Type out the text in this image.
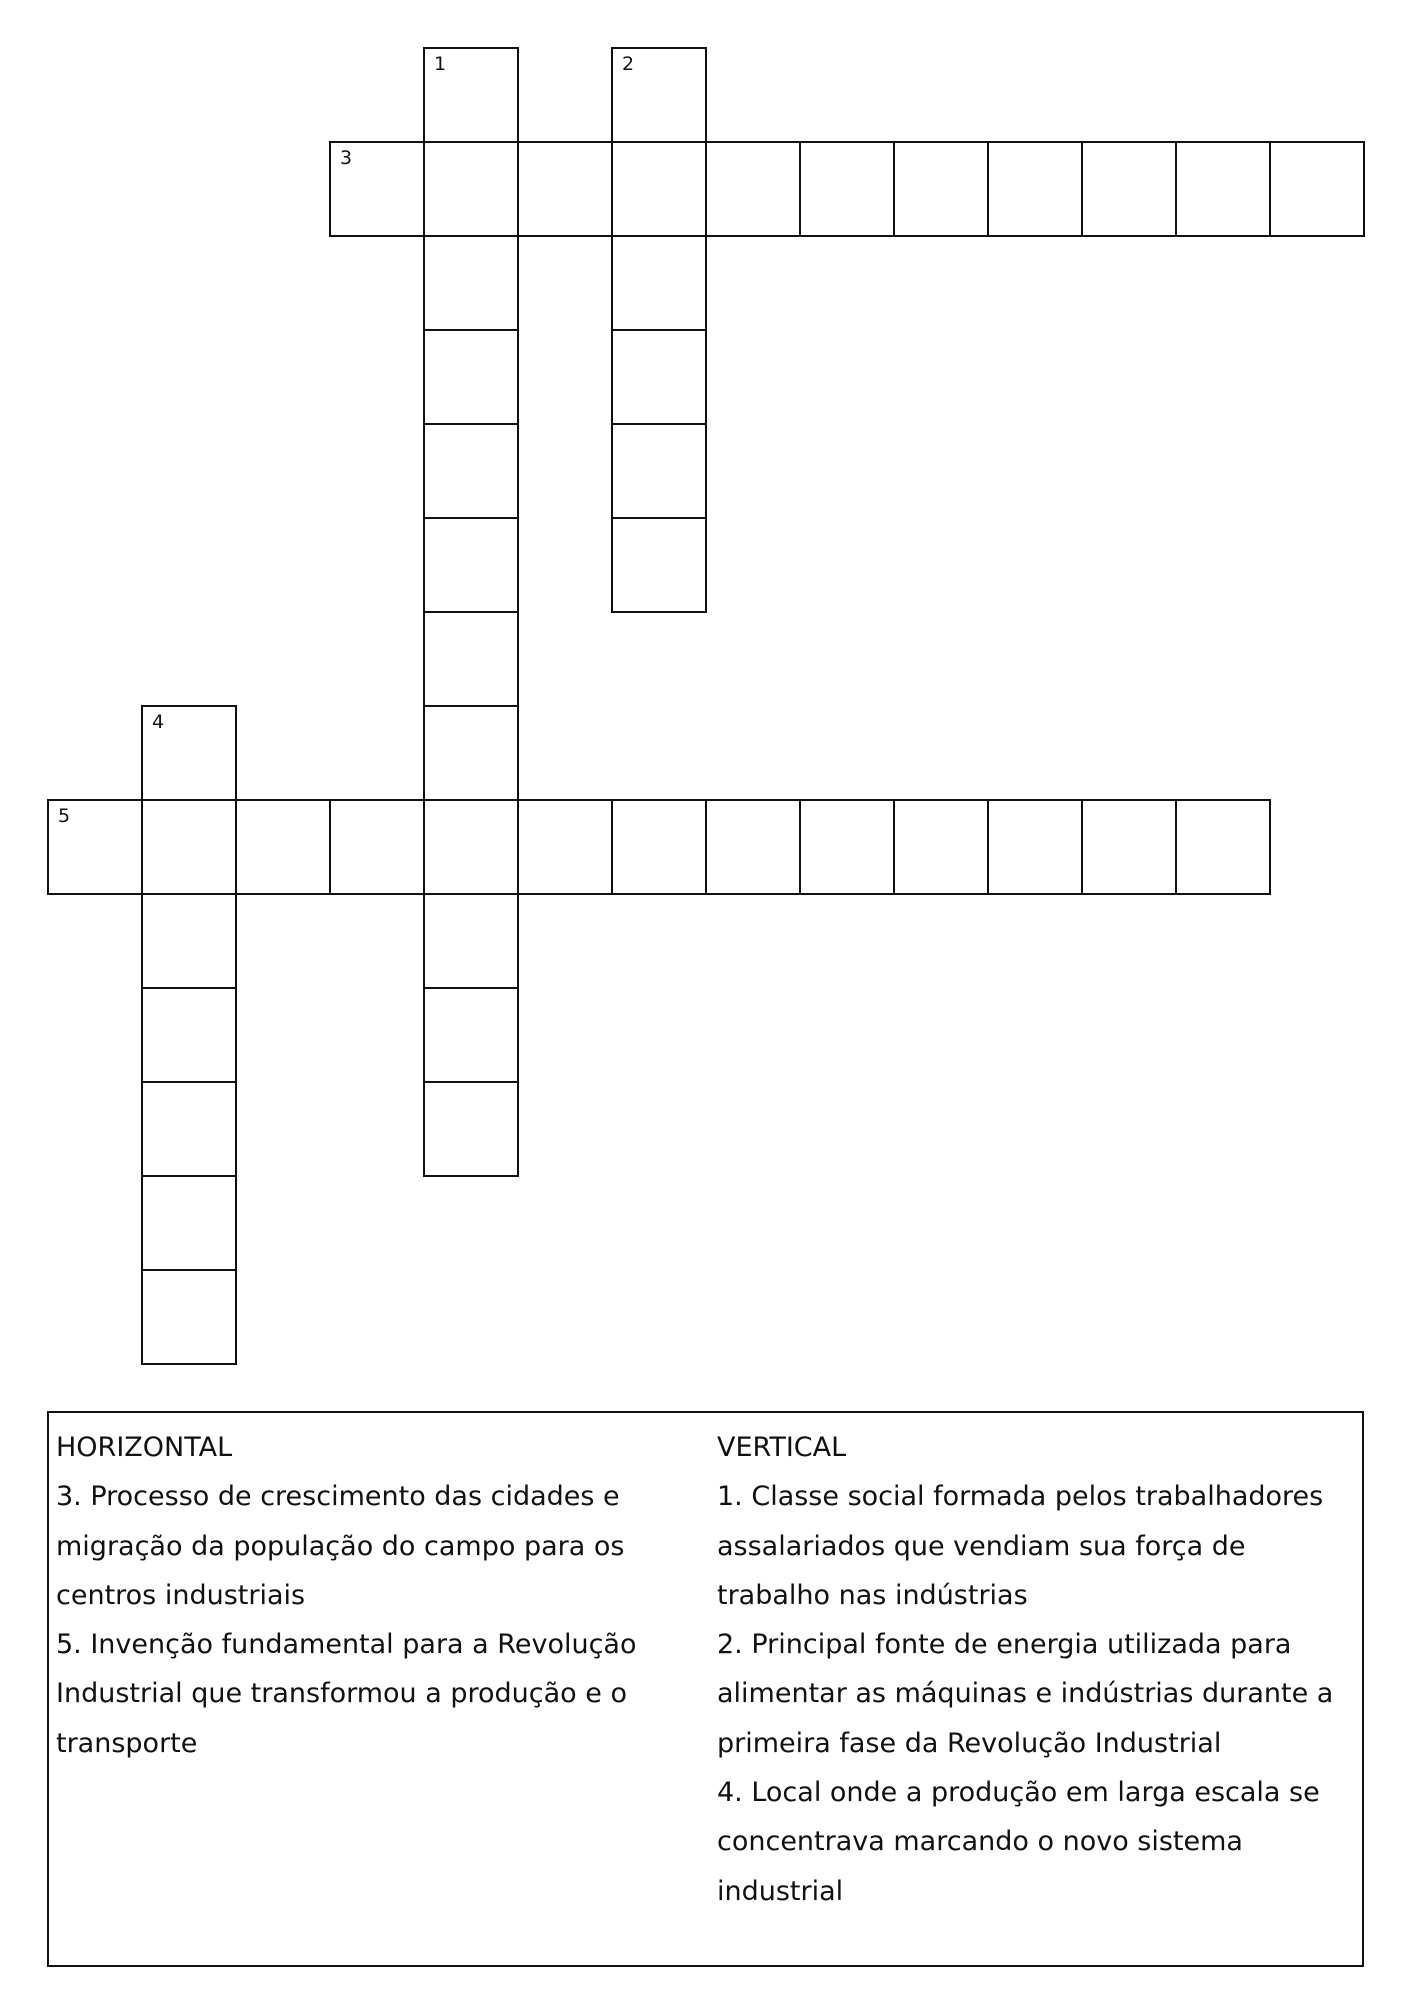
1	2
3
4
5
HORIZONTAL
3. Processo de crescimento das cidades e migração da população do campo para os centros industriais
5. Invenção fundamental para a Revolução Industrial que transformou a produção e o transporte
VERTICAL
1. Classe social formada pelos trabalhadores assalariados que vendiam sua força de trabalho nas indústrias
2. Principal fonte de energia utilizada para alimentar as máquinas e indústrias durante a primeira fase da Revolução Industrial
4. Local onde a produção em larga escala se concentrava marcando o novo sistema industrial
